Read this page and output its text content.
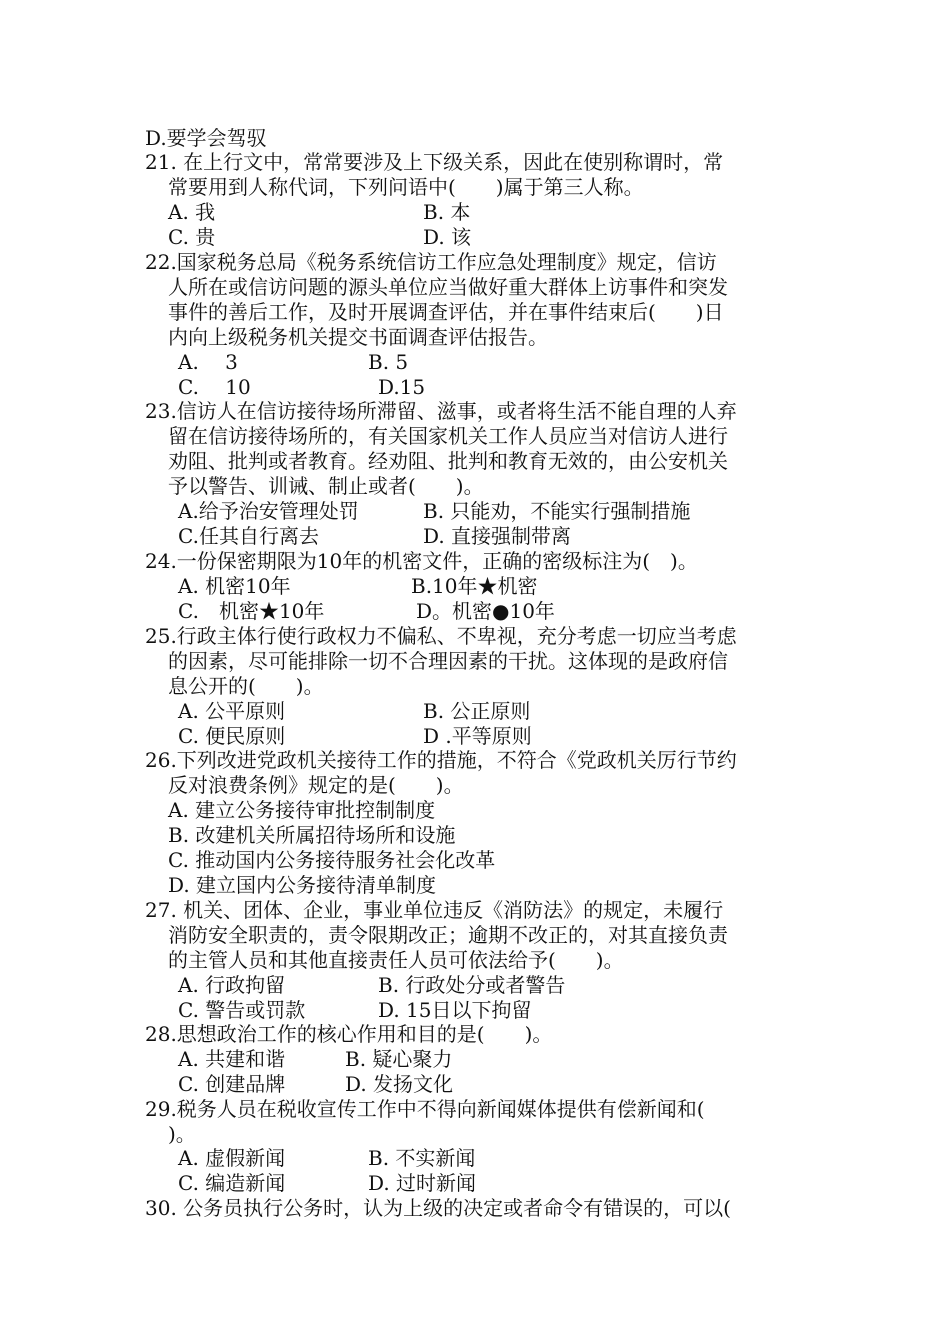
D.要学会驾驭
21. 在上行文中，常常要涉及上下级关系，因此在使别称谓时，常
常要用到人称代词，下列问语中(　　)属于第三人称。
A. 我	B. 本
C. 贵	D. 该
22.国家税务总局《税务系统信访工作应急处理制度》规定，信访
人所在或信访问题的源头单位应当做好重大群体上访事件和突发
事件的善后工作，及时开展调查评估，并在事件结束后(　　)日
内向上级税务机关提交书面调查评估报告。
A.　 3	B. 5
C.　 10	D.15
23.信访人在信访接待场所滞留、滋事，或者将生活不能自理的人弃
留在信访接待场所的，有关国家机关工作人员应当对信访人进行
劝阻、批判或者教育。经劝阻、批判和教育无效的，由公安机关
予以警告、训诫、制止或者(　　)。
A.给予治安管理处罚	B. 只能劝，不能实行强制措施
C.任其自行离去	D. 直接强制带离
24.一份保密期限为10年的机密文件，正确的密级标注为(　)。
A. 机密10年	B.10年★机密
C.　机密★10年	D。机密●10年
25.行政主体行使行政权力不偏私、不卑视，充分考虑一切应当考虑
的因素，尽可能排除一切不合理因素的干扰。这体现的是政府信
息公开的(　　)。
A. 公平原则	B. 公正原则
C. 便民原则	D .平等原则
26.下列改进党政机关接待工作的措施，不符合《党政机关厉行节约
反对浪费条例》规定的是(　　)。
A. 建立公务接待审批控制制度
B. 改建机关所属招待场所和设施
C. 推动国内公务接待服务社会化改革
D. 建立国内公务接待清单制度
27. 机关、团体、企业，事业单位违反《消防法》的规定，未履行
消防安全职责的，责令限期改正；逾期不改正的，对其直接负责
的主管人员和其他直接责任人员可依法给予(　　)。
A. 行政拘留	B. 行政处分或者警告
C. 警告或罚款	D. 15日以下拘留
28.思想政治工作的核心作用和目的是(　　)。
A. 共建和谐	B. 疑心聚力
C. 创建品牌	D. 发扬文化
29.税务人员在税收宣传工作中不得向新闻媒体提供有偿新闻和(
)。
A. 虚假新闻	B. 不实新闻
C. 编造新闻	D. 过时新闻
30. 公务员执行公务时，认为上级的决定或者命令有错误的，可以(
